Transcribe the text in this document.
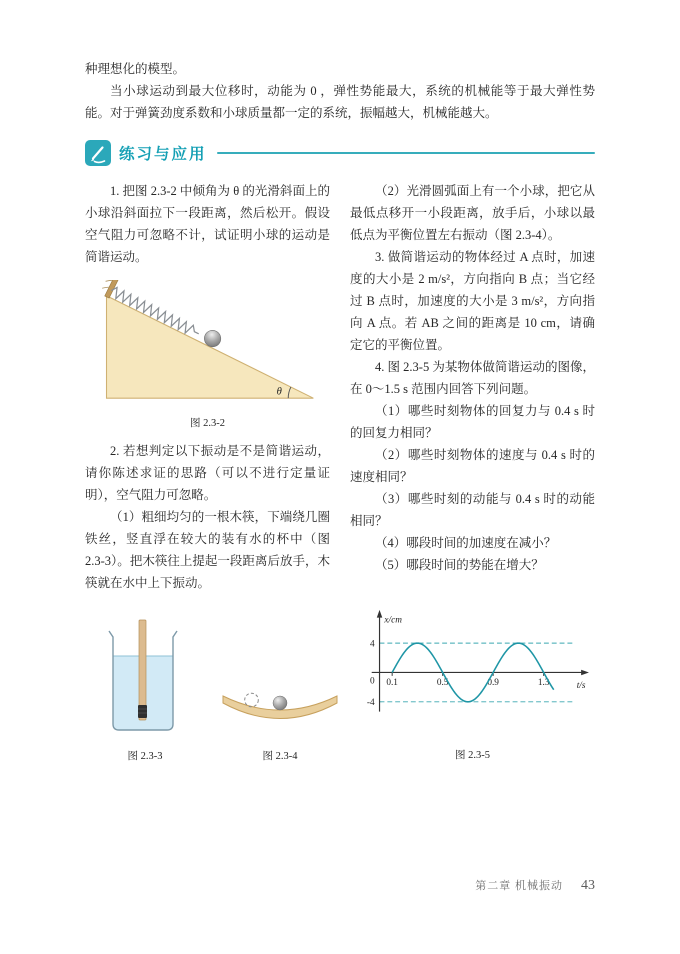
种理想化的模型。

当小球运动到最大位移时，动能为 0 ，弹性势能最大，系统的机械能等于最大弹性势能。对于弹簧劲度系数和小球质量都一定的系统，振幅越大，机械能越大。

练习与应用

1. 把图 2.3-2 中倾角为 θ 的光滑斜面上的小球沿斜面拉下一段距离，然后松开。假设空气阻力可忽略不计，试证明小球的运动是简谐运动。

θ
图 2.3-2

2. 若想判定以下振动是不是简谐运动，请你陈述求证的思路（可以不进行定量证明），空气阻力可忽略。

（1）粗细均匀的一根木筷，下端绕几圈铁丝，竖直浮在较大的装有水的杯中（图 2.3-3）。把木筷往上提起一段距离后放手，木筷就在水中上下振动。

图 2.3-3	图 2.3-4

（2）光滑圆弧面上有一个小球，把它从最低点移开一小段距离，放手后，小球以最低点为平衡位置左右振动（图 2.3-4）。

3. 做简谐运动的物体经过 A 点时，加速度的大小是 2 m/s²，方向指向 B 点；当它经过 B 点时，加速度的大小是 3 m/s²，方向指向 A 点。若 AB 之间的距离是 10 cm，请确定它的平衡位置。

4. 图 2.3-5 为某物体做简谐运动的图像，在 0～1.5 s 范围内回答下列问题。

（1）哪些时刻物体的回复力与 0.4 s 时的回复力相同？

（2）哪些时刻物体的速度与 0.4 s 时的速度相同？

（3）哪些时刻的动能与 0.4 s 时的动能相同？

（4）哪段时间的加速度在减小？

（5）哪段时间的势能在增大？

x/cm
t/s
4
0
-4
0.1	0.5	0.9	1.3
图 2.3-5
第二章 机械振动 43
